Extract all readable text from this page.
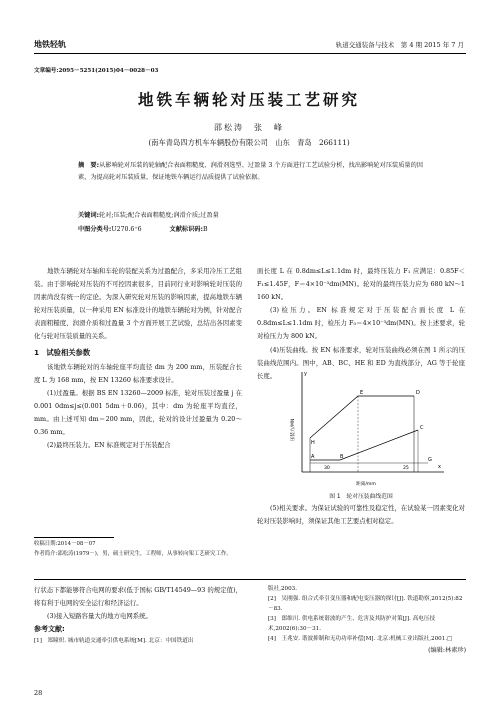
地铁轻轨	轨道交通装备与技术　第 4 期 2015 年 7 月
文章编号:2095－5251(2015)04－0028－03
地铁车辆轮对压装工艺研究
邵松涛　张　峰
(南车青岛四方机车车辆股份有限公司　山东　青岛　266111)
摘　要:从影响轮对压装的轮轴配合表面粗糙度、润滑剂选型、过盈量 3 个方面进行工艺试验分析，找出影响轮对压装质量的因素，为提高轮对压装质量，保证地铁车辆运行品质提供了试验依据。
关键词:轮对;压装;配合表面粗糙度;润滑介质;过盈量
中图分类号:U270.6⁺6	文献标识码:B

地铁车辆轮对车轴和车轮的装配关系为过盈配合，多采用冷压工艺组装。由于影响轮对压装的不可控因素很多，目前同行业对影响轮对压装的因素尚没有统一的定论。为深入研究轮对压装的影响因素，提高地铁车辆轮对压装质量，以一种采用 EN 标准设计的地铁车辆轮对为例，针对配合表面粗糙度、润滑介质和过盈量 3 个方面开展工艺试验，总结出各因素变化与轮对压装质量的关系。

1　试验相关参数

该地铁车辆轮对的车轴轮座平均直径 dm 为 200 mm，压装配合长度 L 为 168 mm，按 EN 13260 标准要求设计。

(1)过盈量。根据 BS EN 13260—2009 标准，轮对压装过盈量 j 在 0.001 0dm≤j≤(0.001 5dm＋0.06)，其中：dm 为轮座平均直径，mm。由上述可知 dm＝200 mm，因此，轮对的设计过盈量为 0.20～0.36 mm。

(2)最终压装力。EN 标准规定对于压装配合

收稿日期:2014－08－07
作者简介:邵松涛(1979－)，男，硕士研究生，工程师，从事转向架工艺研究工作。

面长度 L 在 0.8dm≤L≤1.1dm 时，最终压装力 F₁ 应满足：0.85F＜F₁≤1.45F，F＝4×10⁻³dm(MN)。轮对的最终压装力应为 680 kN～1 160 kN。

(3)检压力。EN 标准规定对于压装配合面长度 L 在 0.8dm≤L≤1.1dm 时，检压力 F₀＝4×10⁻³dm(MN)。按上述要求，轮对检压力为 800 kN。

(4)压装曲线。按 EN 标准要求，轮对压装曲线必须在图 1 所示的压装曲线范围内。图中，AB、BC、HE 和 ED 为直线部分，AG 等于轮座长度。	y
x
压装力/MN
距离/mm
E	D
C
H
A	B	G
30	25
图 1　轮对压装曲线范围

(5)相关要求。为保证试验的可靠性及稳定性，在试验某一因素变化对轮对压装影响时，须保证其他工艺要点相对稳定。

行状态下都能够符合电网的要求(低于国标 GB/T14549—93 的规定值)，将有利于电网的安全运行和经济运行。

(3)接入短路容量大的地方电网系统。

参考文献:
[1]　郑瞳炽. 城市轨道交通牵引供电系统[M]. 北京：中国铁道出
版社,2003.
[2]　吴刚强. 组合式牵引变压器和配电变压器的探讨[J]. 铁道勘察,2012(5):82－83.
[3]　郎维川. 供电系统谐波的产生、危害及其防护对策[J]. 高电压技术,2002(6):30－31.
[4]　王兆安. 谐波抑制和无功功率补偿[M]. 北京:机械工业出版社,2001.□
(编辑:林素珍)
28
